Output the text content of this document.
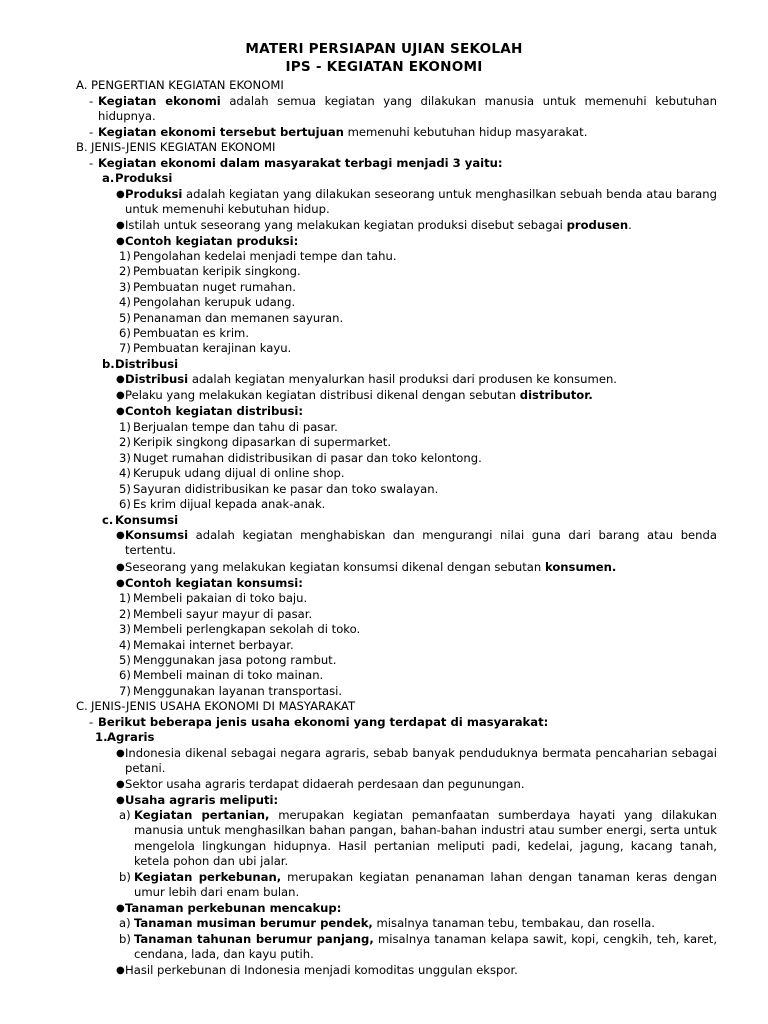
MATERI PERSIAPAN UJIAN SEKOLAH
IPS - KEGIATAN EKONOMI
A. PENGERTIAN KEGIATAN EKONOMI
- Kegiatan ekonomi adalah semua kegiatan yang dilakukan manusia untuk memenuhi kebutuhan hidupnya.
- Kegiatan ekonomi tersebut bertujuan memenuhi kebutuhan hidup masyarakat.
B. JENIS-JENIS KEGIATAN EKONOMI
- Kegiatan ekonomi dalam masyarakat terbagi menjadi 3 yaitu:
a. Produksi
● Produksi adalah kegiatan yang dilakukan seseorang untuk menghasilkan sebuah benda atau barang untuk memenuhi kebutuhan hidup.
● Istilah untuk seseorang yang melakukan kegiatan produksi disebut sebagai produsen.
● Contoh kegiatan produksi:
1) Pengolahan kedelai menjadi tempe dan tahu.
2) Pembuatan keripik singkong.
3) Pembuatan nuget rumahan.
4) Pengolahan kerupuk udang.
5) Penanaman dan memanen sayuran.
6) Pembuatan es krim.
7) Pembuatan kerajinan kayu.
b. Distribusi
● Distribusi adalah kegiatan menyalurkan hasil produksi dari produsen ke konsumen.
● Pelaku yang melakukan kegiatan distribusi dikenal dengan sebutan distributor.
● Contoh kegiatan distribusi:
1) Berjualan tempe dan tahu di pasar.
2) Keripik singkong dipasarkan di supermarket.
3) Nuget rumahan didistribusikan di pasar dan toko kelontong.
4) Kerupuk udang dijual di online shop.
5) Sayuran didistribusikan ke pasar dan toko swalayan.
6) Es krim dijual kepada anak-anak.
c. Konsumsi
● Konsumsi adalah kegiatan menghabiskan dan mengurangi nilai guna dari barang atau benda tertentu.
● Seseorang yang melakukan kegiatan konsumsi dikenal dengan sebutan konsumen.
● Contoh kegiatan konsumsi:
1) Membeli pakaian di toko baju.
2) Membeli sayur mayur di pasar.
3) Membeli perlengkapan sekolah di toko.
4) Memakai internet berbayar.
5) Menggunakan jasa potong rambut.
6) Membeli mainan di toko mainan.
7) Menggunakan layanan transportasi.
C. JENIS-JENIS USAHA EKONOMI DI MASYARAKAT
- Berikut beberapa jenis usaha ekonomi yang terdapat di masyarakat:
1. Agraris
● Indonesia dikenal sebagai negara agraris, sebab banyak penduduknya bermata pencaharian sebagai petani.
● Sektor usaha agraris terdapat didaerah perdesaan dan pegunungan.
● Usaha agraris meliputi:
a) Kegiatan pertanian, merupakan kegiatan pemanfaatan sumberdaya hayati yang dilakukan manusia untuk menghasilkan bahan pangan, bahan-bahan industri atau sumber energi, serta untuk mengelola lingkungan hidupnya. Hasil pertanian meliputi padi, kedelai, jagung, kacang tanah, ketela pohon dan ubi jalar.
b) Kegiatan perkebunan, merupakan kegiatan penanaman lahan dengan tanaman keras dengan umur lebih dari enam bulan.
● Tanaman perkebunan mencakup:
a) Tanaman musiman berumur pendek, misalnya tanaman tebu, tembakau, dan rosella.
b) Tanaman tahunan berumur panjang, misalnya tanaman kelapa sawit, kopi, cengkih, teh, karet, cendana, lada, dan kayu putih.
● Hasil perkebunan di Indonesia menjadi komoditas unggulan ekspor.
